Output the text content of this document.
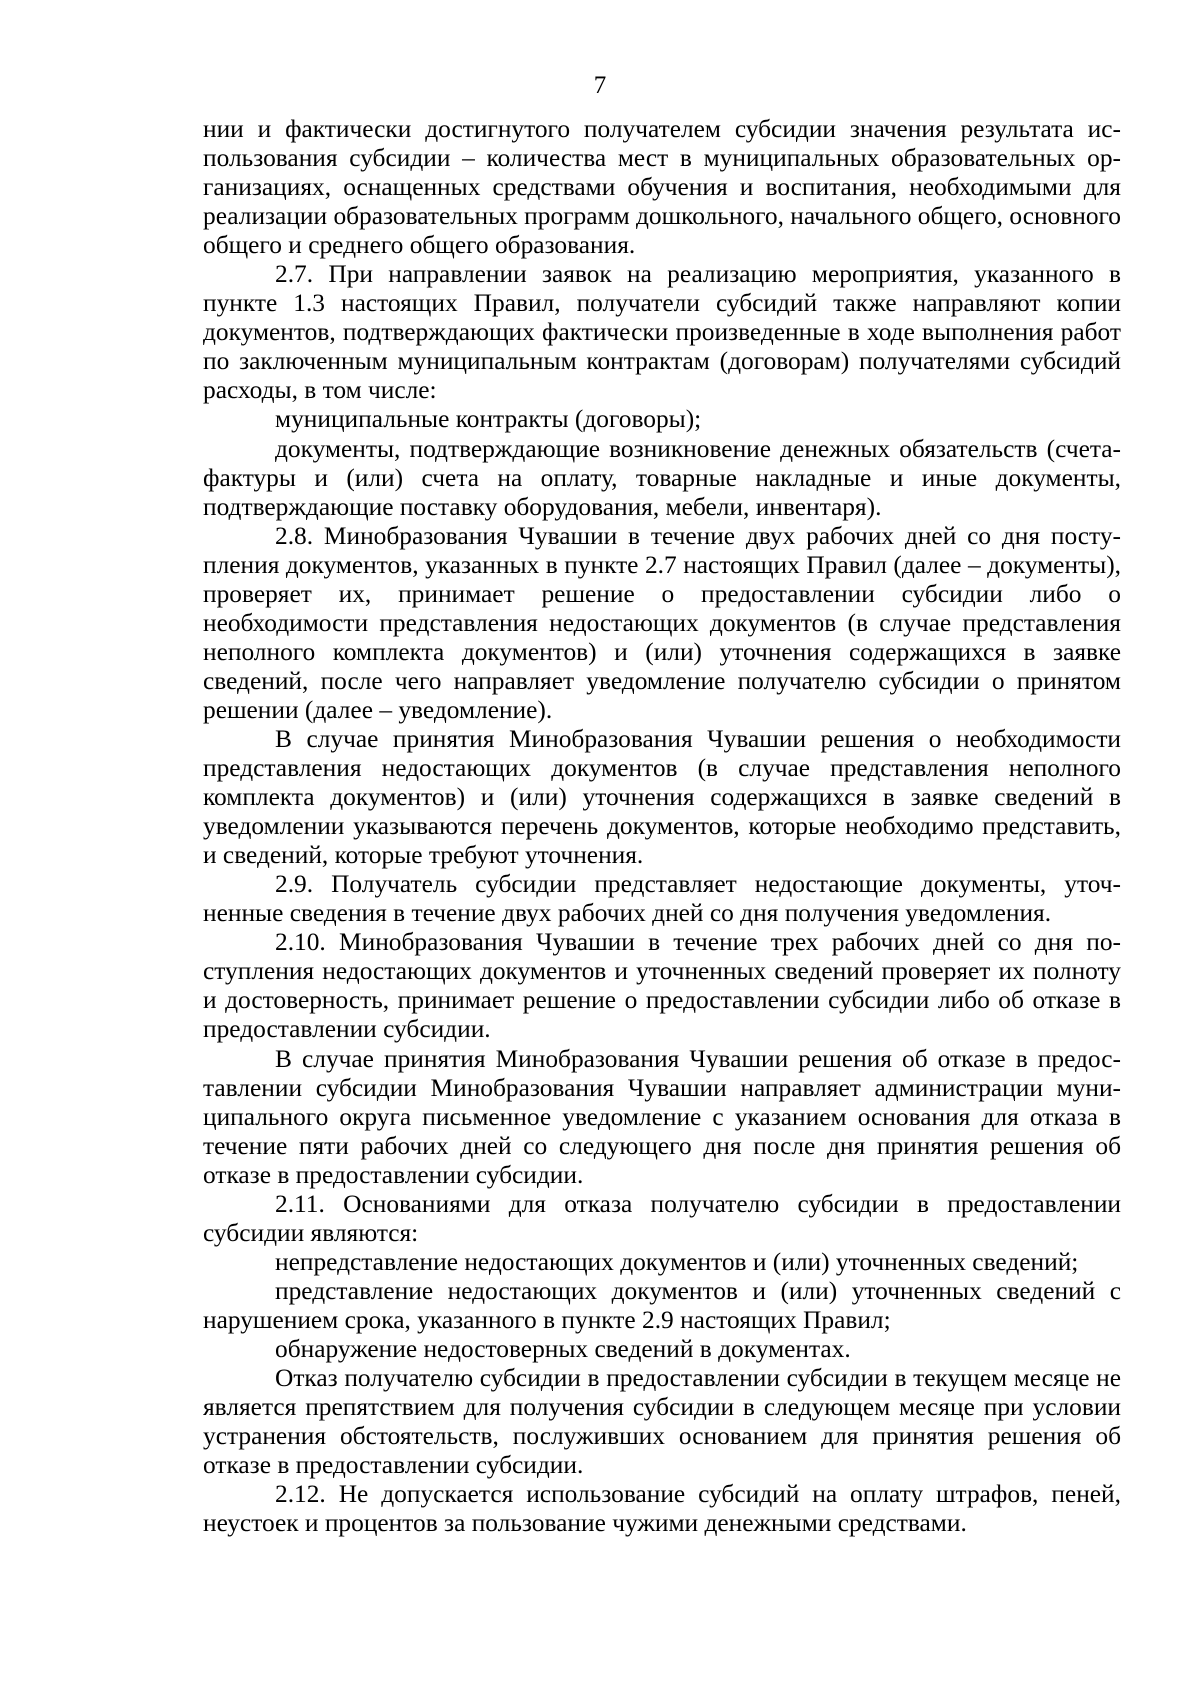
7

нии и фактически достигнутого получателем субсидии значения результата использования субсидии – количества мест в муниципальных образовательных организациях, оснащенных средствами обучения и воспитания, необходимыми для реализации образовательных программ дошкольного, начального общего, основного общего и среднего общего образования.

2.7. При направлении заявок на реализацию мероприятия, указанного в пункте 1.3 настоящих Правил, получатели субсидий также направляют копии документов, подтверждающих фактически произведенные в ходе выполнения работ по заключенным муниципальным контрактам (договорам) получателями субсидий расходы, в том числе:

муниципальные контракты (договоры);

документы, подтверждающие возникновение денежных обязательств (счета-фактуры и (или) счета на оплату, товарные накладные и иные документы, подтверждающие поставку оборудования, мебели, инвентаря).

2.8. Минобразования Чувашии в течение двух рабочих дней со дня поступления документов, указанных в пункте 2.7 настоящих Правил (далее – документы), проверяет их, принимает решение о предоставлении субсидии либо о необходимости представления недостающих документов (в случае представления неполного комплекта документов) и (или) уточнения содержащихся в заявке сведений, после чего направляет уведомление получателю субсидии о принятом решении (далее – уведомление).

В случае принятия Минобразования Чувашии решения о необходимости представления недостающих документов (в случае представления неполного комплекта документов) и (или) уточнения содержащихся в заявке сведений в уведомлении указываются перечень документов, которые необходимо представить, и сведений, которые требуют уточнения.

2.9. Получатель субсидии представляет недостающие документы, уточненные сведения в течение двух рабочих дней со дня получения уведомления.

2.10. Минобразования Чувашии в течение трех рабочих дней со дня поступления недостающих документов и уточненных сведений проверяет их полноту и достоверность, принимает решение о предоставлении субсидии либо об отказе в предоставлении субсидии.

В случае принятия Минобразования Чувашии решения об отказе в предоставлении субсидии Минобразования Чувашии направляет администрации муниципального округа письменное уведомление с указанием основания для отказа в течение пяти рабочих дней со следующего дня после дня принятия решения об отказе в предоставлении субсидии.

2.11. Основаниями для отказа получателю субсидии в предоставлении субсидии являются:

непредставление недостающих документов и (или) уточненных сведений;

представление недостающих документов и (или) уточненных сведений с нарушением срока, указанного в пункте 2.9 настоящих Правил;

обнаружение недостоверных сведений в документах.

Отказ получателю субсидии в предоставлении субсидии в текущем месяце не является препятствием для получения субсидии в следующем месяце при условии устранения обстоятельств, послуживших основанием для принятия решения об отказе в предоставлении субсидии.

2.12. Не допускается использование субсидий на оплату штрафов, пеней, неустоек и процентов за пользование чужими денежными средствами.
